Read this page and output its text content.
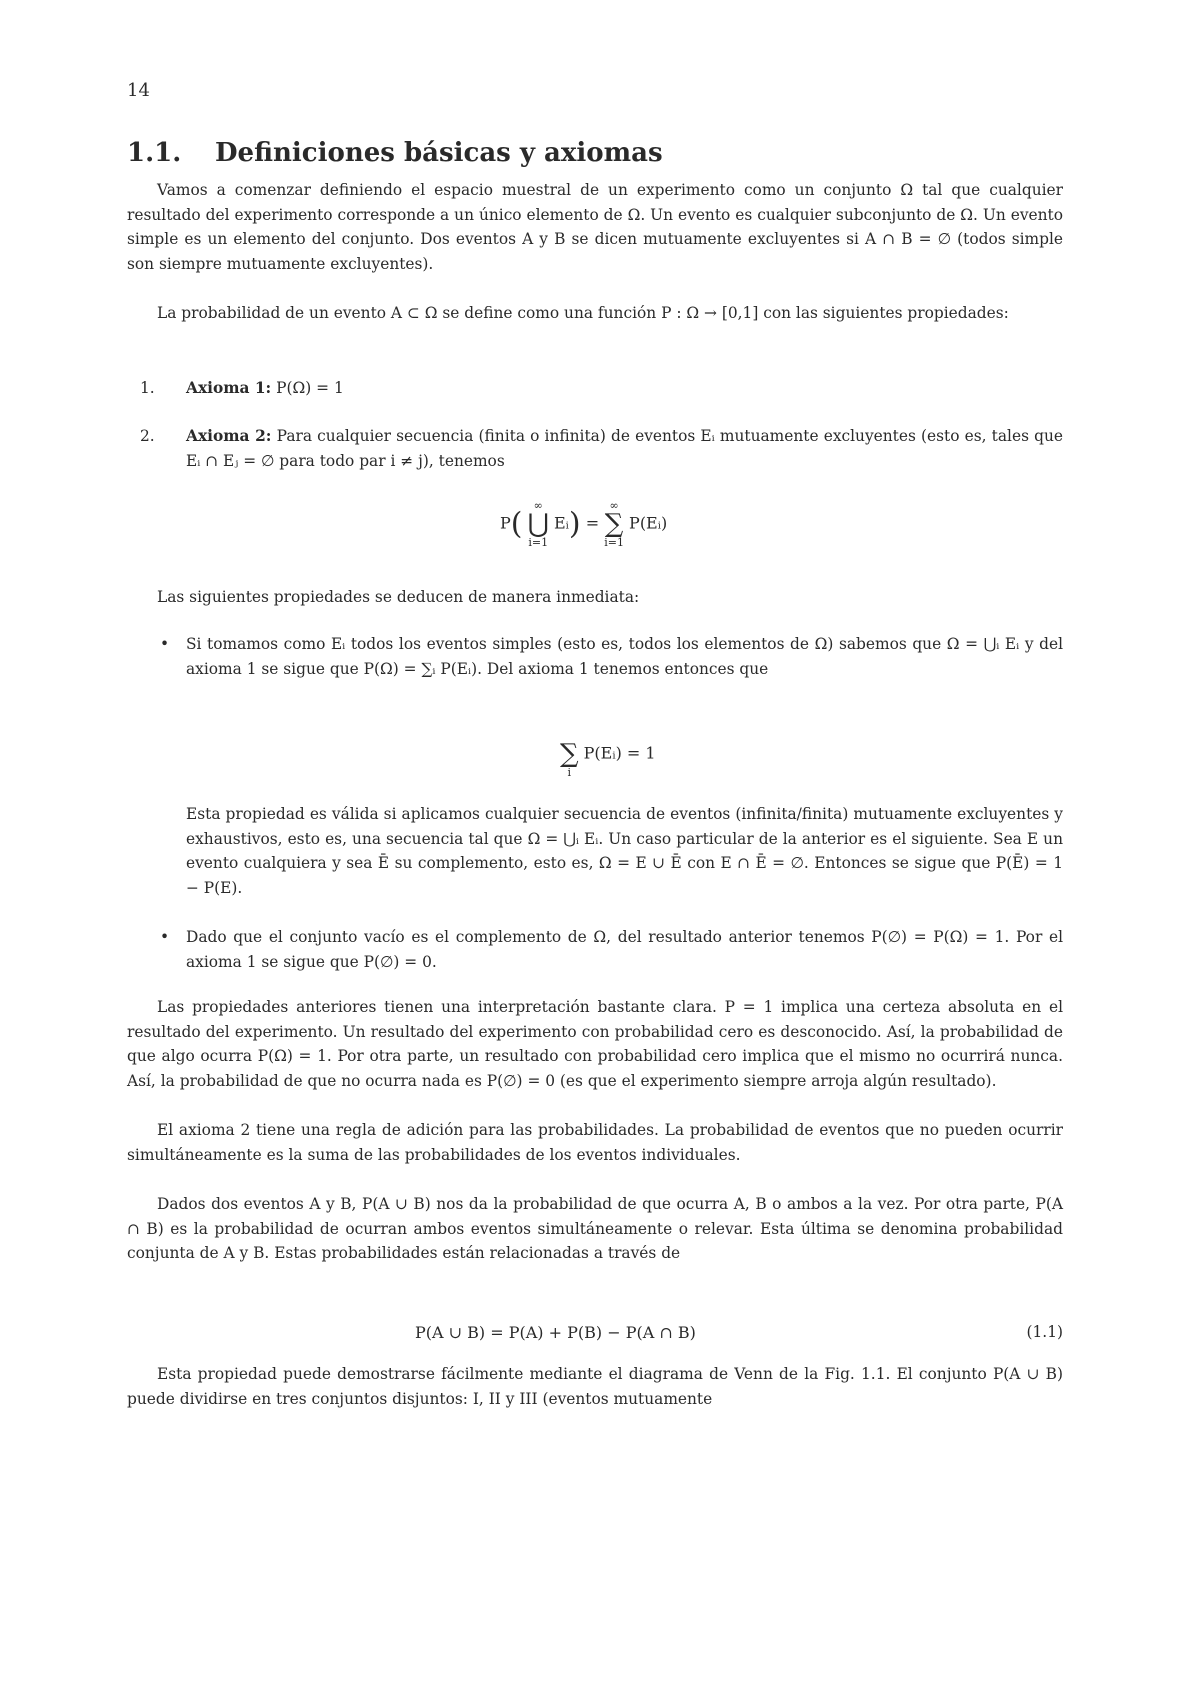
14
1.1. Definiciones básicas y axiomas

Vamos a comenzar definiendo el espacio muestral de un experimento como un conjunto Ω tal que cualquier resultado del experimento corresponde a un único elemento de Ω. Un evento es cualquier subconjunto de Ω. Un evento simple es un elemento del conjunto. Dos eventos A y B se dicen mutuamente excluyentes si A ∩ B = ∅ (todos simple son siempre mutuamente excluyentes).

La probabilidad de un evento A ⊂ Ω se define como una función P : Ω → [0,1] con las siguientes propiedades:

1. Axioma 1: P(Ω) = 1
2. Axioma 2: Para cualquier secuencia (finita o infinita) de eventos Eᵢ mutuamente excluyentes (esto es, tales que Eᵢ ∩ Eⱼ = ∅ para todo par i ≠ j), tenemos
P( ∞
⋃
i=1 Eᵢ) = ∞
∑
i=1 P(Eᵢ)

Las siguientes propiedades se deducen de manera inmediata:

• Si tomamos como Eᵢ todos los eventos simples (esto es, todos los elementos de Ω) sabemos que Ω = ⋃ᵢ Eᵢ y del axioma 1 se sigue que P(Ω) = ∑ᵢ P(Eᵢ). Del axioma 1 tenemos entonces que

∑
i P(Eᵢ) = 1

Esta propiedad es válida si aplicamos cualquier secuencia de eventos (infinita/finita) mutuamente excluyentes y exhaustivos, esto es, una secuencia tal que Ω = ⋃ᵢ Eᵢ. Un caso particular de la anterior es el siguiente. Sea E un evento cualquiera y sea Ē su complemento, esto es, Ω = E ∪ Ē con E ∩ Ē = ∅. Entonces se sigue que P(Ē) = 1 − P(E).

• Dado que el conjunto vacío es el complemento de Ω, del resultado anterior tenemos P(∅) = P(Ω) = 1. Por el axioma 1 se sigue que P(∅) = 0.

Las propiedades anteriores tienen una interpretación bastante clara. P = 1 implica una certeza absoluta en el resultado del experimento. Un resultado del experimento con probabilidad cero es desconocido. Así, la probabilidad de que algo ocurra P(Ω) = 1. Por otra parte, un resultado con probabilidad cero implica que el mismo no ocurrirá nunca. Así, la probabilidad de que no ocurra nada es P(∅) = 0 (es que el experimento siempre arroja algún resultado).

El axioma 2 tiene una regla de adición para las probabilidades. La probabilidad de eventos que no pueden ocurrir simultáneamente es la suma de las probabilidades de los eventos individuales.

Dados dos eventos A y B, P(A ∪ B) nos da la probabilidad de que ocurra A, B o ambos a la vez. Por otra parte, P(A ∩ B) es la probabilidad de ocurran ambos eventos simultáneamente o relevar. Esta última se denomina probabilidad conjunta de A y B. Estas probabilidades están relacionadas a través de

P(A ∪ B) = P(A) + P(B) − P(A ∩ B)	(1.1)

Esta propiedad puede demostrarse fácilmente mediante el diagrama de Venn de la Fig. 1.1. El conjunto P(A ∪ B) puede dividirse en tres conjuntos disjuntos: I, II y III (eventos mutuamente
